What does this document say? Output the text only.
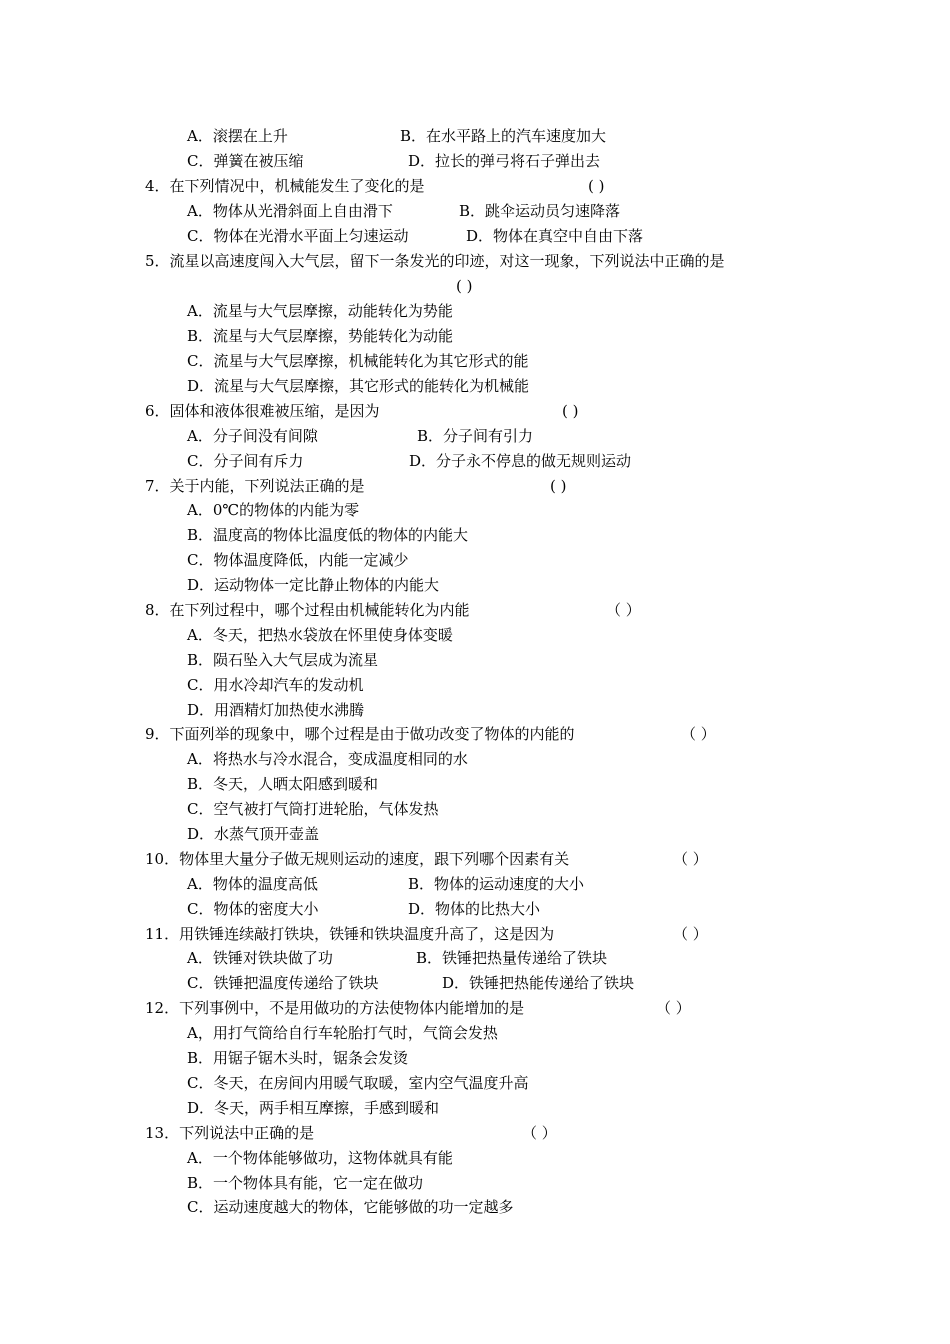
A．滚摆在上升	B．在水平路上的汽车速度加大
C．弹簧在被压缩	D．拉长的弹弓将石子弹出去
4．在下列情况中，机械能发生了变化的是	( )
A．物体从光滑斜面上自由滑下	B．跳伞运动员匀速降落
C．物体在光滑水平面上匀速运动	D．物体在真空中自由下落
5．流星以高速度闯入大气层，留下一条发光的印迹，对这一现象，下列说法中正确的是
( )
A．流星与大气层摩擦，动能转化为势能
B．流星与大气层摩擦，势能转化为动能
C．流星与大气层摩擦，机械能转化为其它形式的能
D．流星与大气层摩擦，其它形式的能转化为机械能
6．固体和液体很难被压缩，是因为	( )
A．分子间没有间隙	B．分子间有引力
C．分子间有斥力	D．分子永不停息的做无规则运动
7．关于内能，下列说法正确的是	( )
A．0℃的物体的内能为零
B．温度高的物体比温度低的物体的内能大
C．物体温度降低，内能一定减少
D．运动物体一定比静止物体的内能大
8．在下列过程中，哪个过程由机械能转化为内能	（ ）
A．冬天，把热水袋放在怀里使身体变暖
B．陨石坠入大气层成为流星
C．用水冷却汽车的发动机
D．用酒精灯加热使水沸腾
9．下面列举的现象中，哪个过程是由于做功改变了物体的内能的	（ ）
A．将热水与冷水混合，变成温度相同的水
B．冬天，人晒太阳感到暖和
C．空气被打气筒打进轮胎，气体发热
D．水蒸气顶开壶盖
10．物体里大量分子做无规则运动的速度，跟下列哪个因素有关	（ ）
A．物体的温度高低	B．物体的运动速度的大小
C．物体的密度大小	D．物体的比热大小
11．用铁锤连续敲打铁块，铁锤和铁块温度升高了，这是因为	（ ）
A．铁锤对铁块做了功	B．铁锤把热量传递给了铁块
C．铁锤把温度传递给了铁块	D．铁锤把热能传递给了铁块
12．下列事例中，不是用做功的方法使物体内能增加的是	（ ）
A，用打气筒给自行车轮胎打气时，气筒会发热
B．用锯子锯木头时，锯条会发烫
C．冬天，在房间内用暖气取暖，室内空气温度升高
D．冬天，两手相互摩擦，手感到暖和
13．下列说法中正确的是	（ ）
A．一个物体能够做功，这物体就具有能
B．一个物体具有能，它一定在做功
C．运动速度越大的物体，它能够做的功一定越多
